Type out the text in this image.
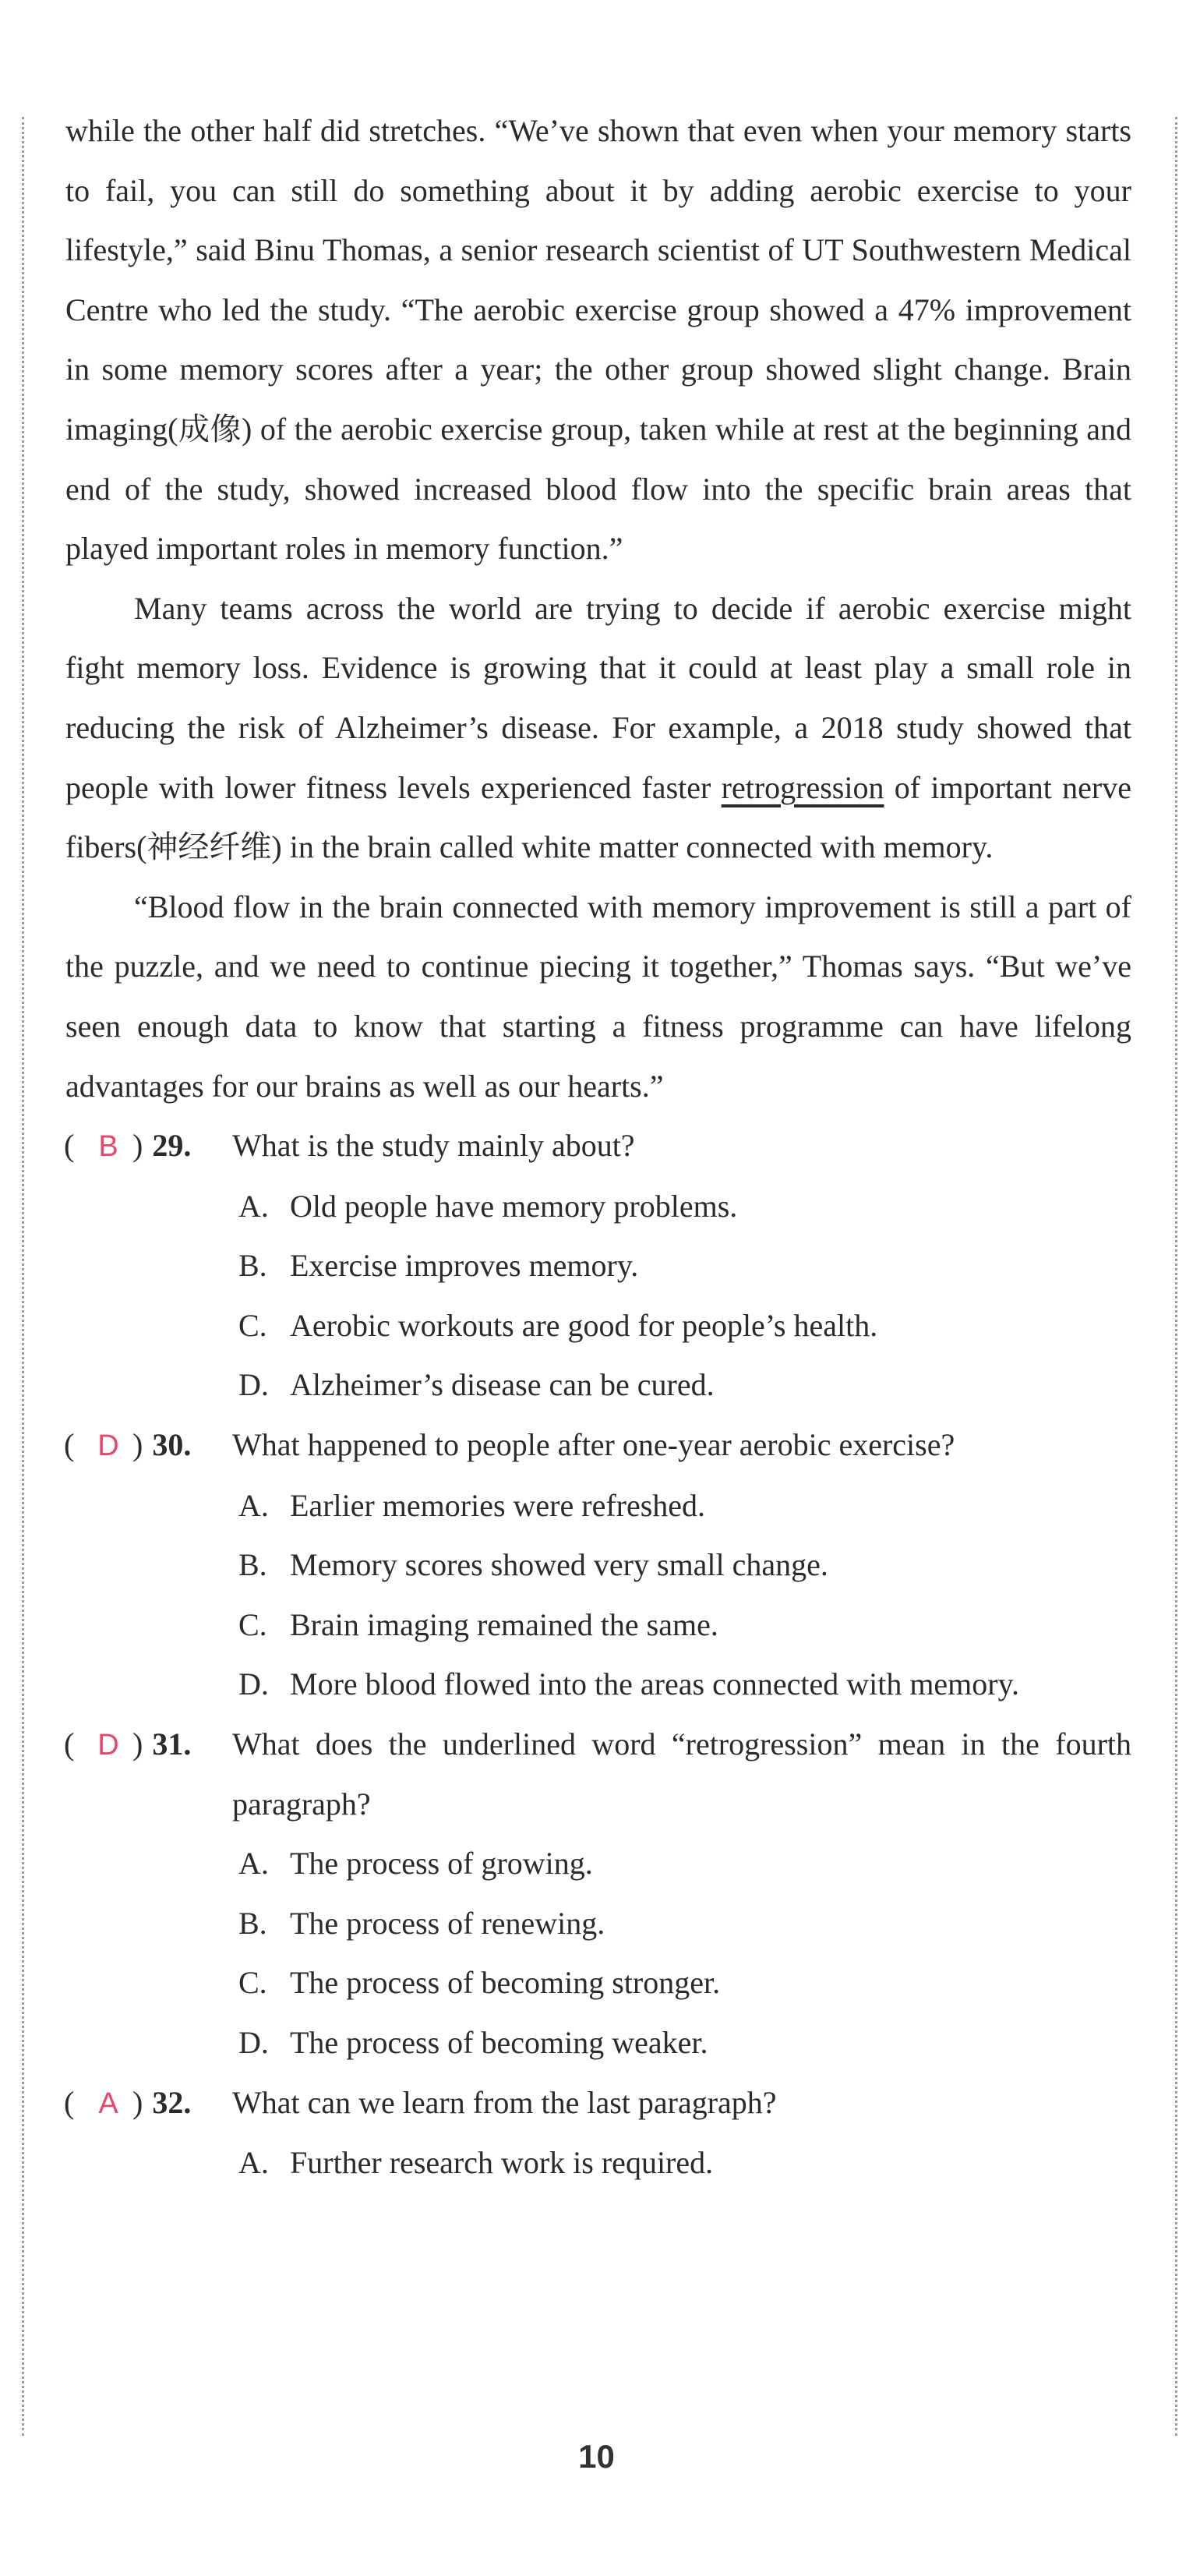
while the other half did stretches. “We’ve shown that even when your memory starts to fail, you can still do something about it by adding aerobic exercise to your lifestyle,” said Binu Thomas, a senior research scientist of UT Southwestern Medical Centre who led the study. “The aerobic exercise group showed a 47% improvement in some memory scores after a year; the other group showed slight change. Brain imaging(成像) of the aerobic exercise group, taken while at rest at the beginning and end of the study, showed increased blood flow into the specific brain areas that played important roles in memory function.”

Many teams across the world are trying to decide if aerobic exercise might fight memory loss. Evidence is growing that it could at least play a small role in reducing the risk of Alzheimer’s disease. For example, a 2018 study showed that people with lower fitness levels experienced faster retrogression of important nerve fibers(神经纤维) in the brain called white matter connected with memory.

“Blood flow in the brain connected with memory improvement is still a part of the puzzle, and we need to continue piecing it together,” Thomas says. “But we’ve seen enough data to know that starting a fitness programme can have lifelong advantages for our brains as well as our hearts.”

( B ) 29. What is the study mainly about?
A. Old people have memory problems.
B. Exercise improves memory.
C. Aerobic workouts are good for people’s health.
D. Alzheimer’s disease can be cured.
( D ) 30. What happened to people after one-year aerobic exercise?
A. Earlier memories were refreshed.
B. Memory scores showed very small change.
C. Brain imaging remained the same.
D. More blood flowed into the areas connected with memory.
( D ) 31. What does the underlined word “retrogression” mean in the fourth paragraph?
A. The process of growing.
B. The process of renewing.
C. The process of becoming stronger.
D. The process of becoming weaker.
( A ) 32. What can we learn from the last paragraph?
A. Further research work is required.
10
